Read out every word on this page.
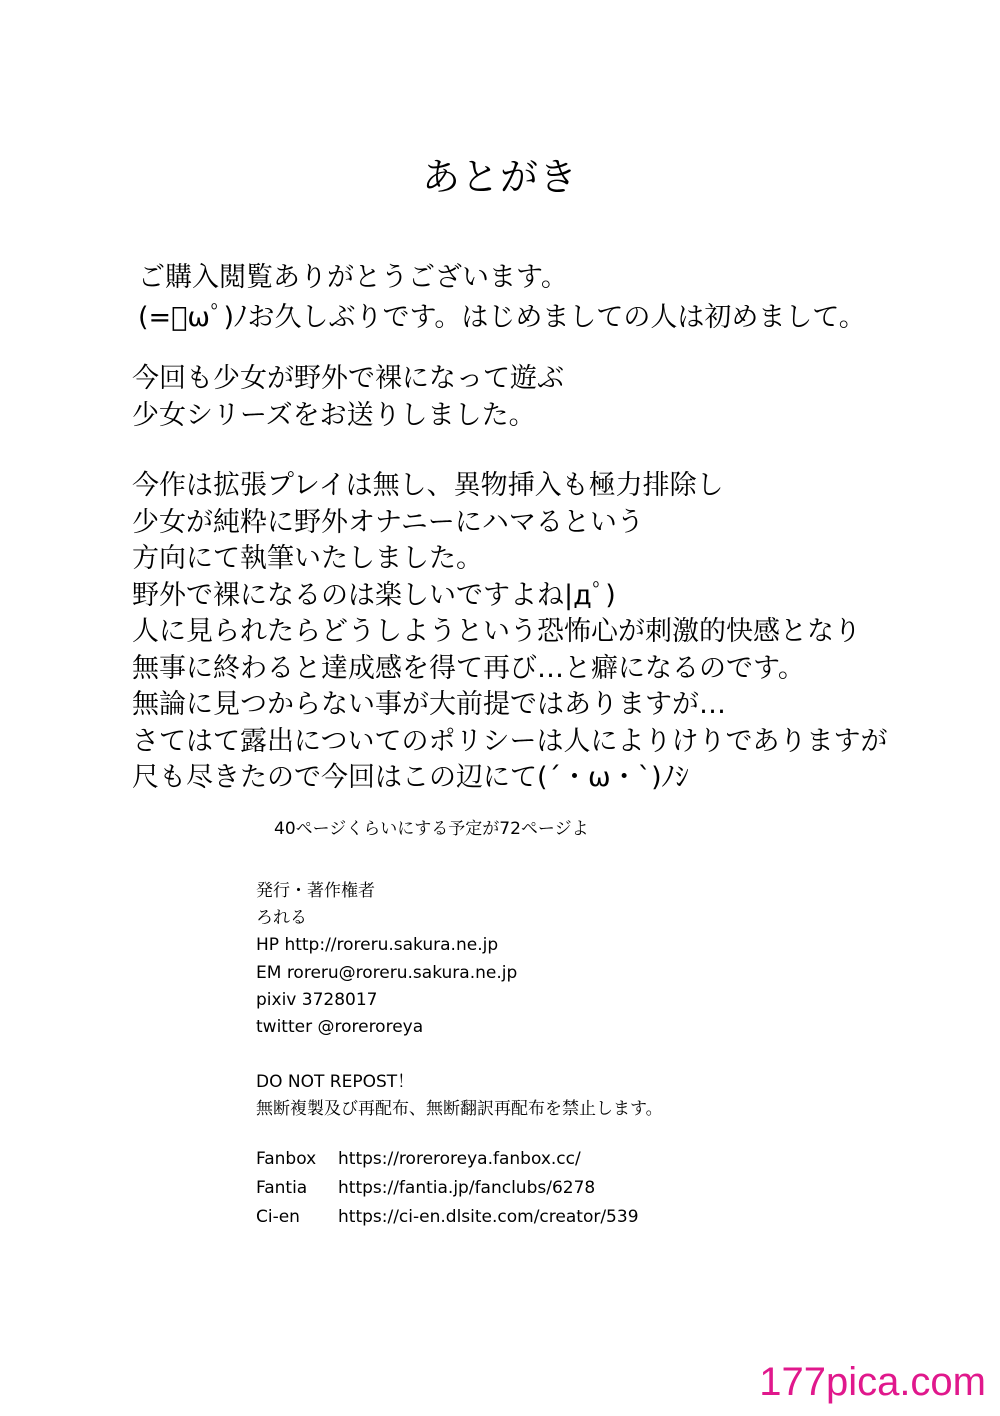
あとがき
ご購入閲覧ありがとうございます。
(=ﾟωﾟ)ﾉお久しぶりです。はじめましての人は初めまして。
今回も少女が野外で裸になって遊ぶ
少女シリーズをお送りしました。
今作は拡張プレイは無し、異物挿入も極力排除し
少女が純粋に野外オナニーにハマるという
方向にて執筆いたしました。
野外で裸になるのは楽しいですよね|дﾟ)
人に見られたらどうしようという恐怖心が刺激的快感となり
無事に終わると達成感を得て再び…と癖になるのです。
無論に見つからない事が大前提ではありますが…
さてはて露出についてのポリシーは人によりけりでありますが
尺も尽きたので今回はこの辺にて(´・ω・`)ﾉｼ
40ページくらいにする予定が72ページよ
発行・著作権者
ろれる
HP http://roreru.sakura.ne.jp
EM roreru@roreru.sakura.ne.jp
pixiv 3728017
twitter @roreroreya
DO NOT REPOST！
無断複製及び再配布、無断翻訳再配布を禁止します。
Fanbox https://roreroreya.fanbox.cc/
Fantia https://fantia.jp/fanclubs/6278
Ci-en https://ci-en.dlsite.com/creator/539
177pica.com
